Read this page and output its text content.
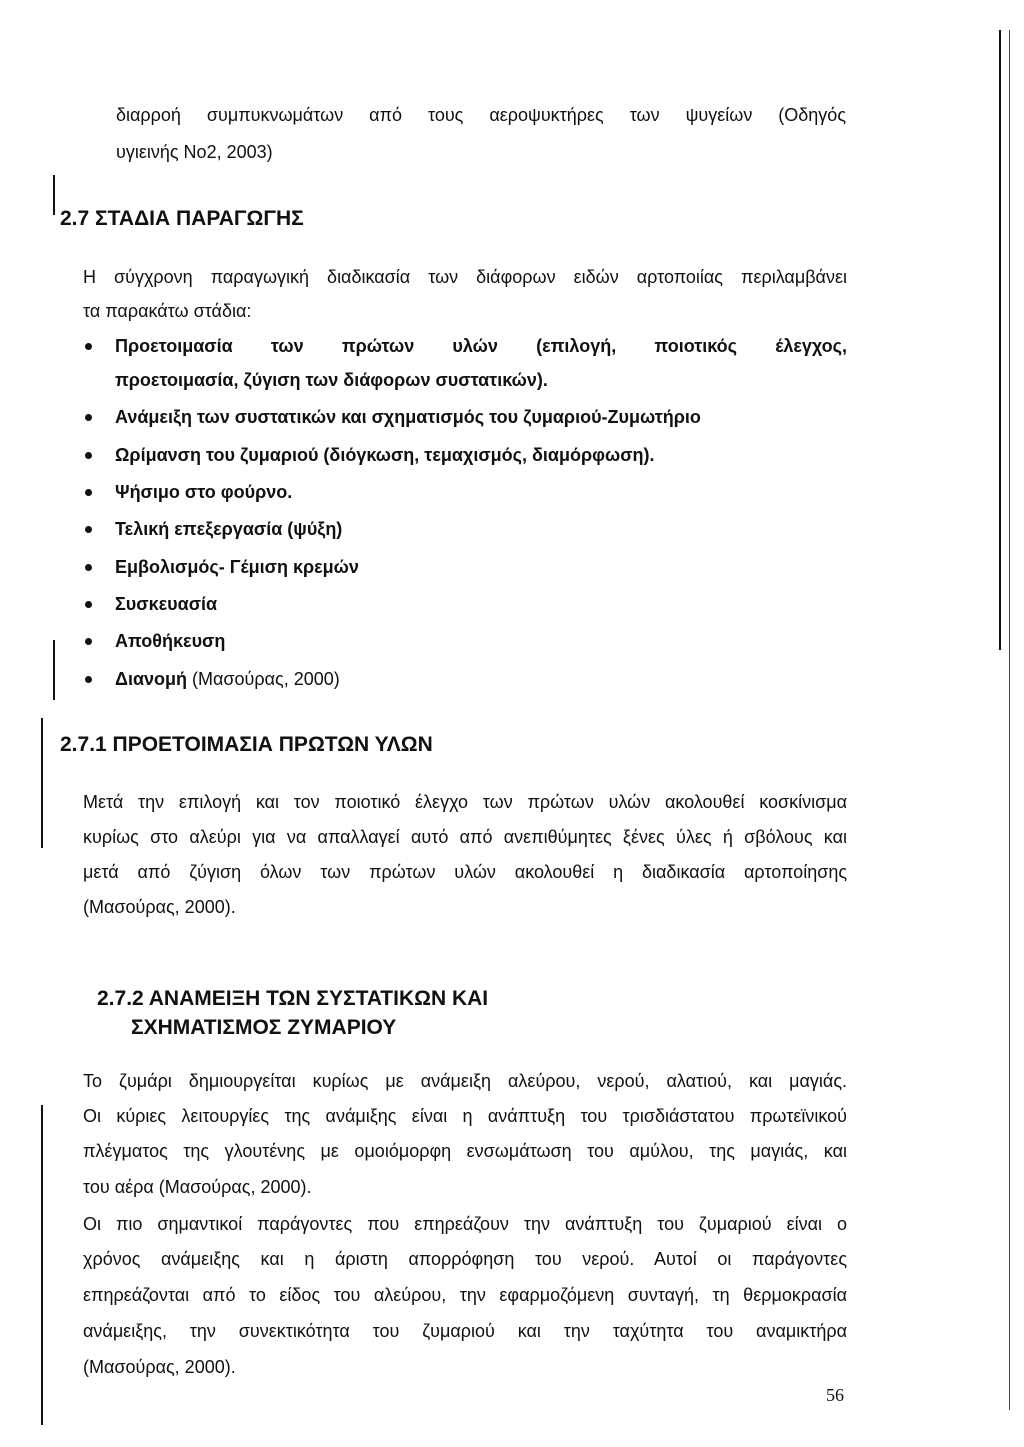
διαρροή συμπυκνωμάτων από τους αεροψυκτήρες των ψυγείων (Οδηγός
υγιεινής No2, 2003)
2.7 ΣΤΑΔΙΑ ΠΑΡΑΓΩΓΗΣ
Η σύγχρονη παραγωγική διαδικασία των διάφορων ειδών αρτοποιίας περιλαμβάνει
τα παρακάτω στάδια:
Προετοιμασία των πρώτων υλών (επιλογή, ποιοτικός έλεγχος,
προετοιμασία, ζύγιση των διάφορων συστατικών).
Ανάμειξη των συστατικών και σχηματισμός του ζυμαριού-Ζυμωτήριο
Ωρίμανση του ζυμαριού (διόγκωση, τεμαχισμός, διαμόρφωση).
Ψήσιμο στο φούρνο.
Τελική επεξεργασία (ψύξη)
Εμβολισμός- Γέμιση κρεμών
Συσκευασία
Αποθήκευση
Διανομή (Μασούρας, 2000)
2.7.1 ΠΡΟΕΤΟΙΜΑΣΙΑ ΠΡΩΤΩΝ ΥΛΩΝ
Μετά την επιλογή και τον ποιοτικό έλεγχο των πρώτων υλών ακολουθεί κοσκίνισμα
κυρίως στο αλεύρι για να απαλλαγεί αυτό από ανεπιθύμητες ξένες ύλες ή σβόλους και
μετά από ζύγιση όλων των πρώτων υλών ακολουθεί η διαδικασία αρτοποίησης
(Μασούρας, 2000).
2.7.2 ΑΝΑΜΕΙΞΗ ΤΩΝ ΣΥΣΤΑΤΙΚΩΝ ΚΑΙ
ΣΧΗΜΑΤΙΣΜΟΣ ΖΥΜΑΡΙΟΥ
Το ζυμάρι δημιουργείται κυρίως με ανάμειξη αλεύρου, νερού, αλατιού, και μαγιάς.
Οι κύριες λειτουργίες της ανάμιξης είναι η ανάπτυξη του τρισδιάστατου πρωτεϊνικού
πλέγματος της γλουτένης με ομοιόμορφη ενσωμάτωση του αμύλου, της μαγιάς, και
του αέρα (Μασούρας, 2000).
Οι πιο σημαντικοί παράγοντες που επηρεάζουν την ανάπτυξη του ζυμαριού είναι ο
χρόνος ανάμειξης και η άριστη απορρόφηση του νερού. Αυτοί οι παράγοντες
επηρεάζονται από το είδος του αλεύρου, την εφαρμοζόμενη συνταγή, τη θερμοκρασία
ανάμειξης, την συνεκτικότητα του ζυμαριού και την ταχύτητα του αναμικτήρα
(Μασούρας, 2000).
56
